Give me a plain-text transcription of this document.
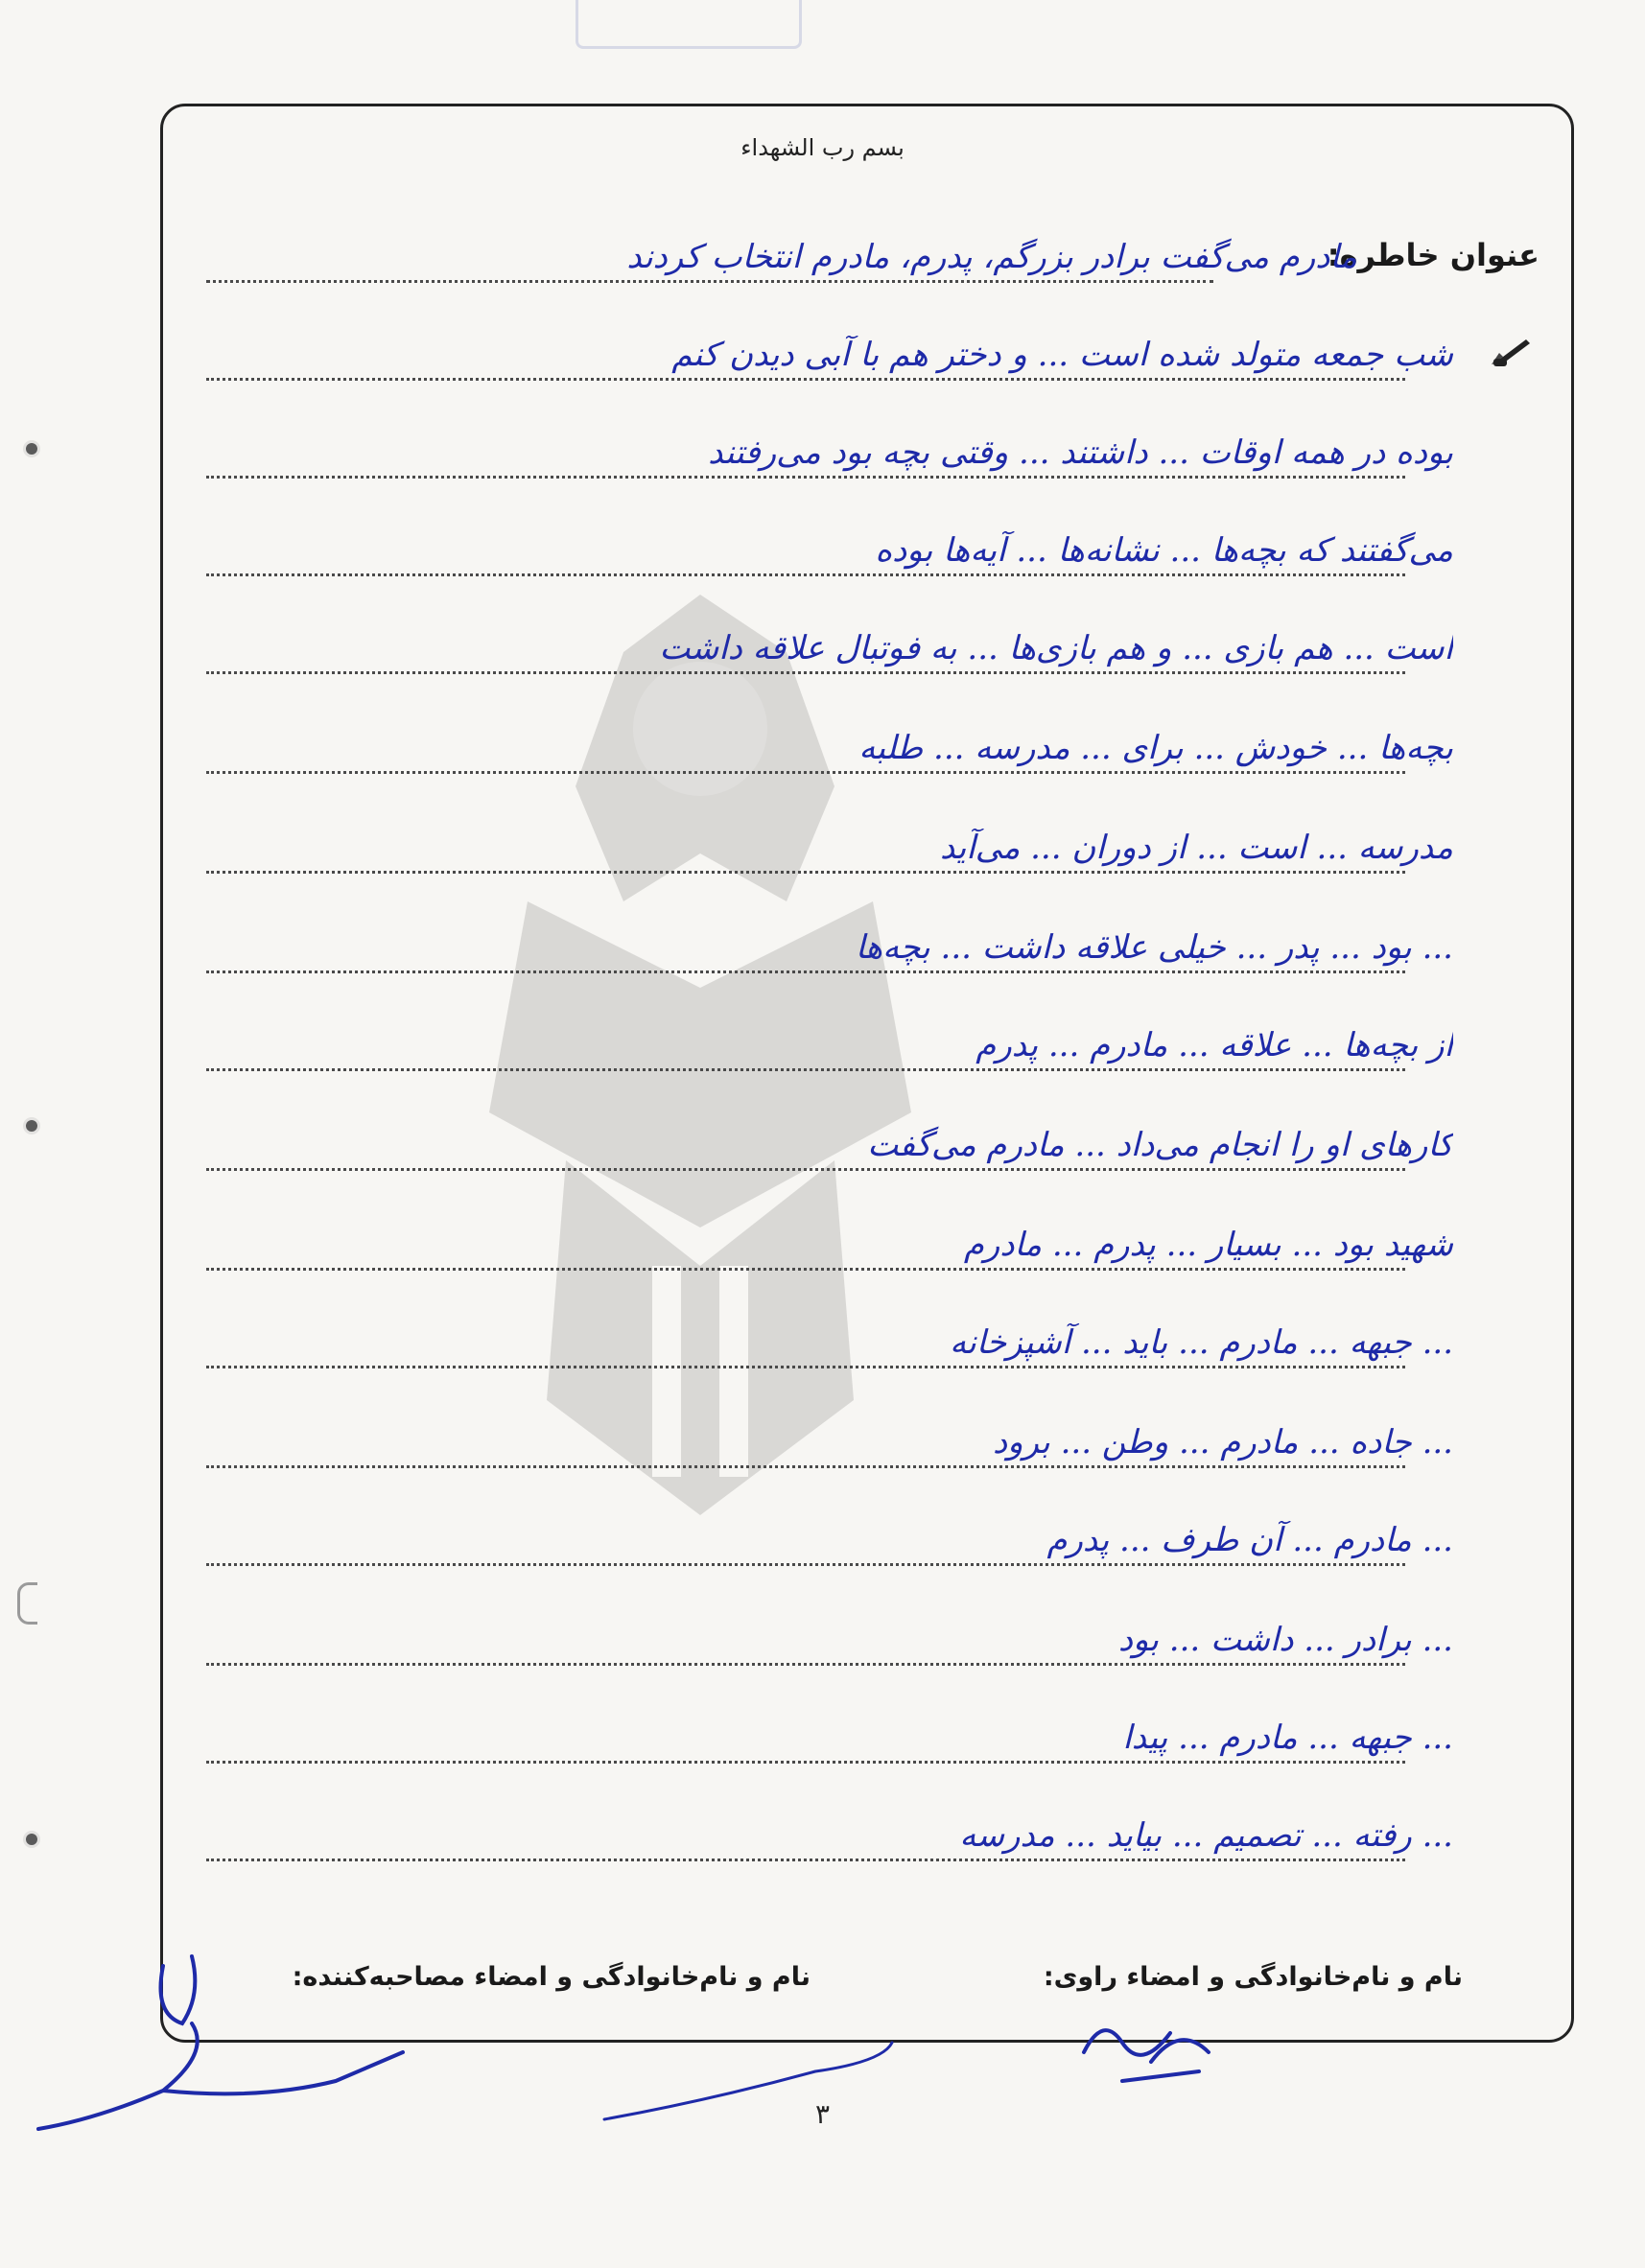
بسم رب الشهداء
عنوان خاطره:
مادرم می‌گفت برادر بزرگم، پدرم، مادرم انتخاب کردند
شب جمعه متولد شده است ... و دختر هم با آبی دیدن کنم
بوده در همه اوقات ... داشتند ... وقتی بچه بود می‌رفتند
می‌گفتند که بچه‌ها ... نشانه‌ها ... آیه‌ها بوده
است ... هم بازی ... و هم بازی‌ها ... به فوتبال علاقه داشت
بچه‌ها ... خودش ... برای ... مدرسه ... طلبه
مدرسه ... است ... از دوران ... می‌آید
... بود ... پدر ... خیلی علاقه داشت ... بچه‌ها
از بچه‌ها ... علاقه ... مادرم ... پدرم
کارهای او را انجام می‌داد ... مادرم می‌گفت
شهید بود ... بسیار ... پدرم ... مادرم
... جبهه ... مادرم ... باید ... آشپزخانه
... جاده ... مادرم ... وطن ... برود
... مادرم ... آن طرف ... پدرم
... برادر ... داشت ... بود
... جبهه ... مادرم ... پیدا
... رفته ... تصمیم ... بیاید ... مدرسه
نام و نام‌خانوادگی و امضاء راوی:
نام و نام‌خانوادگی و امضاء مصاحبه‌کننده:
۳
